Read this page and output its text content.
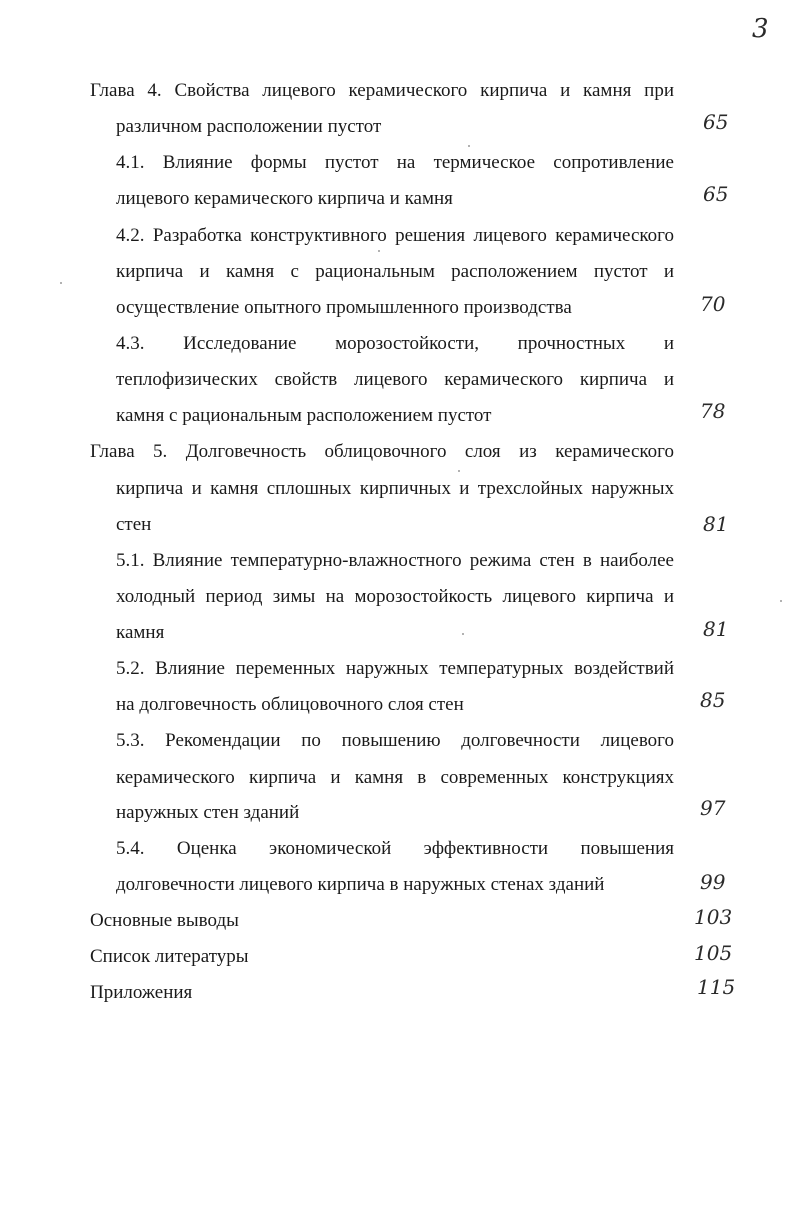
3
Глава 4. Свойства лицевого керамического кирпича и камня при
различном расположении пустот	65
4.1. Влияние формы пустот на термическое сопротивление
лицевого керамического кирпича и камня	65
4.2. Разработка конструктивного решения лицевого керамического
кирпича и камня с рациональным расположением пустот и
осуществление опытного промышленного производства	70
4.3. Исследование морозостойкости, прочностных и
теплофизических свойств лицевого керамического кирпича и
камня с рациональным расположением пустот	78
Глава 5. Долговечность облицовочного слоя из керамического
кирпича и камня сплошных кирпичных и трехслойных наружных
стен	81
5.1. Влияние температурно-влажностного режима стен в наиболее
холодный период зимы на морозостойкость лицевого кирпича и
камня	81
5.2. Влияние переменных наружных температурных воздействий
на долговечность облицовочного слоя стен	85
5.3. Рекомендации по повышению долговечности лицевого
керамического кирпича и камня в современных конструкциях
наружных стен зданий	97
5.4. Оценка экономической эффективности повышения
долговечности лицевого кирпича в наружных стенах зданий	99
Основные выводы	103
Список литературы	105
Приложения	115
